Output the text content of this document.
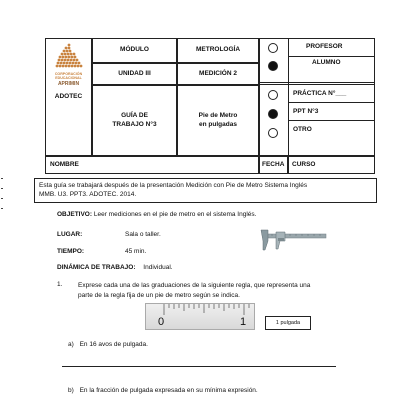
CORPORACIÓN
EDUCACIONAL
APRIMIN
ADOTEC
MÓDULO	METROLOGÍA
UNIDAD III	MEDICIÓN 2
GUÍA DE
TRABAJO N°3
Pie de Metro
en pulgadas
PROFESOR
ALUMNO
PRÁCTICA N°___
PPT N°3
OTRO
NOMBRE	FECHA CURSO
Esta guía se trabajará después de la presentación Medición con Pie de Metro Sistema Inglés
MMB. U3. PPT3. ADOTEC. 2014.
OBJETIVO: Leer mediciones en el pie de metro en el sistema Inglés.
LUGAR:	Sala o taller.
TIEMPO:	45 min.
DINÁMICA DE TRABAJO: Individual.
1. Exprese cada una de las graduaciones de la siguiente regla, que representa una
parte de la regla fija de un pie de metro según se indica.
0	1	1 pulgada
a) En 16 avos de pulgada.
b) En la fracción de pulgada expresada en su mínima expresión.
